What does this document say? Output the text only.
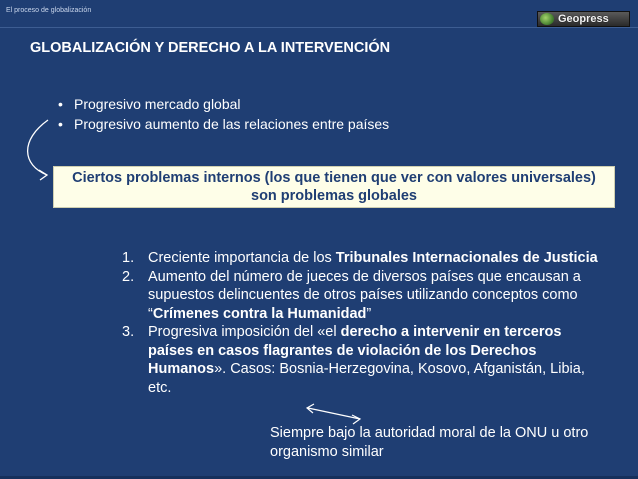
El proceso de globalización
Geopress
GLOBALIZACIÓN Y DERECHO A LA INTERVENCIÓN
• Progresivo mercado global
• Progresivo aumento de las relaciones entre países
Ciertos problemas internos (los que tienen que ver con valores universales) son problemas globales
1. Creciente importancia de los Tribunales Internacionales de Justicia
2. Aumento del número de jueces de diversos países que encausan a supuestos delincuentes de otros países utilizando conceptos como “Crímenes contra la Humanidad”
3. Progresiva imposición del «el derecho a intervenir en terceros países en casos flagrantes de violación de los Derechos Humanos». Casos: Bosnia-Herzegovina, Kosovo, Afganistán, Libia, etc.
Siempre bajo la autoridad moral de la ONU u otro organismo similar
